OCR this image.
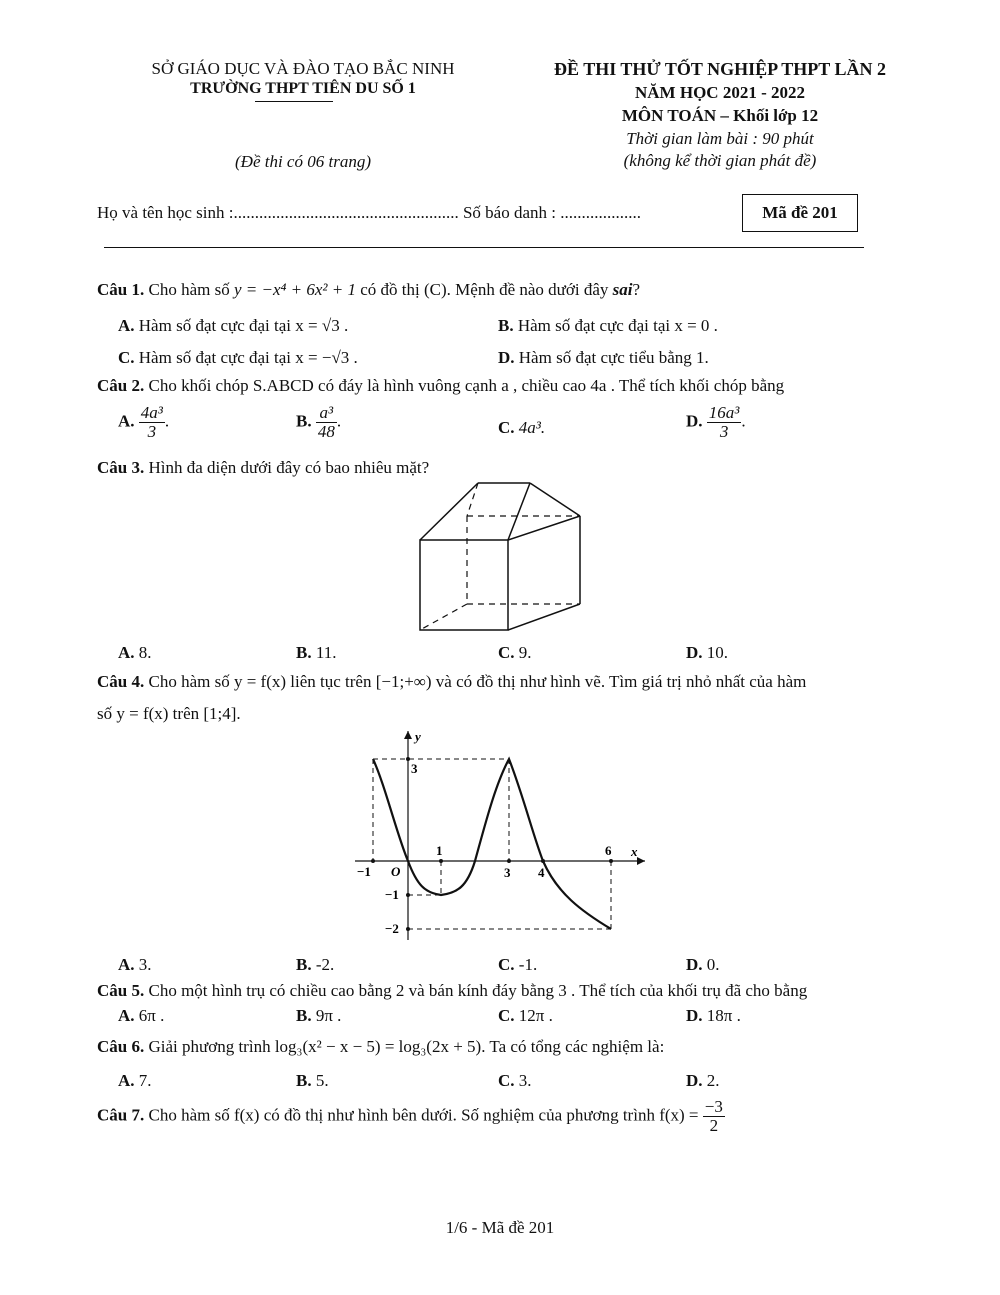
SỞ GIÁO DỤC VÀ ĐÀO TẠO BẮC NINH
TRƯỜNG THPT TIÊN DU SỐ 1
(Đề thi có 06 trang)
ĐỀ THI THỬ TỐT NGHIỆP THPT LẦN 2
NĂM HỌC 2021 - 2022
MÔN TOÁN – Khối lớp 12
Thời gian làm bài : 90 phút
(không kể thời gian phát đề)
Họ và tên học sinh :..................................................... Số báo danh : ...................	Mã đề 201
Câu 1. Cho hàm số y = −x⁴ + 6x² + 1 có đồ thị (C). Mệnh đề nào dưới đây sai?
A. Hàm số đạt cực đại tại x = √3 .	B. Hàm số đạt cực đại tại x = 0 .
C. Hàm số đạt cực đại tại x = −√3 .	D. Hàm số đạt cực tiểu bằng 1.
Câu 2. Cho khối chóp S.ABCD có đáy là hình vuông cạnh a , chiều cao 4a . Thể tích khối chóp bằng
A. $\frac{\text{4a³}}{3}$ .	B. $\frac{\text{a³}}{48}$ .	C. 4a³.	D. $\frac{\text{16a³}}{3}$ .
Câu 3. Hình đa diện dưới đây có bao nhiêu mặt?
A. 8.	B. 11.	C. 9.	D. 10.
Câu 4. Cho hàm số y = f(x) liên tục trên [−1;+∞) và có đồ thị như hình vẽ. Tìm giá trị nhỏ nhất của hàm
số y = f(x) trên [1;4].
y
x
O
−1
1
3 4
6
3
−1
−2
A. 3.	B. -2.	C. -1.	D. 0.
Câu 5. Cho một hình trụ có chiều cao bằng 2 và bán kính đáy bằng 3 . Thể tích của khối trụ đã cho bằng
A. 6π .	B. 9π .	C. 12π .	D. 18π .
Câu 6. Giải phương trình log₃(x² − x − 5) = log₃(2x + 5). Ta có tổng các nghiệm là:
A. 7.	B. 5.	C. 3.	D. 2.
Câu 7. Cho hàm số f(x) có đồ thị như hình bên dưới. Số nghiệm của phương trình $f(x) = \frac{-3}{2}$
1/6 - Mã đề 201
